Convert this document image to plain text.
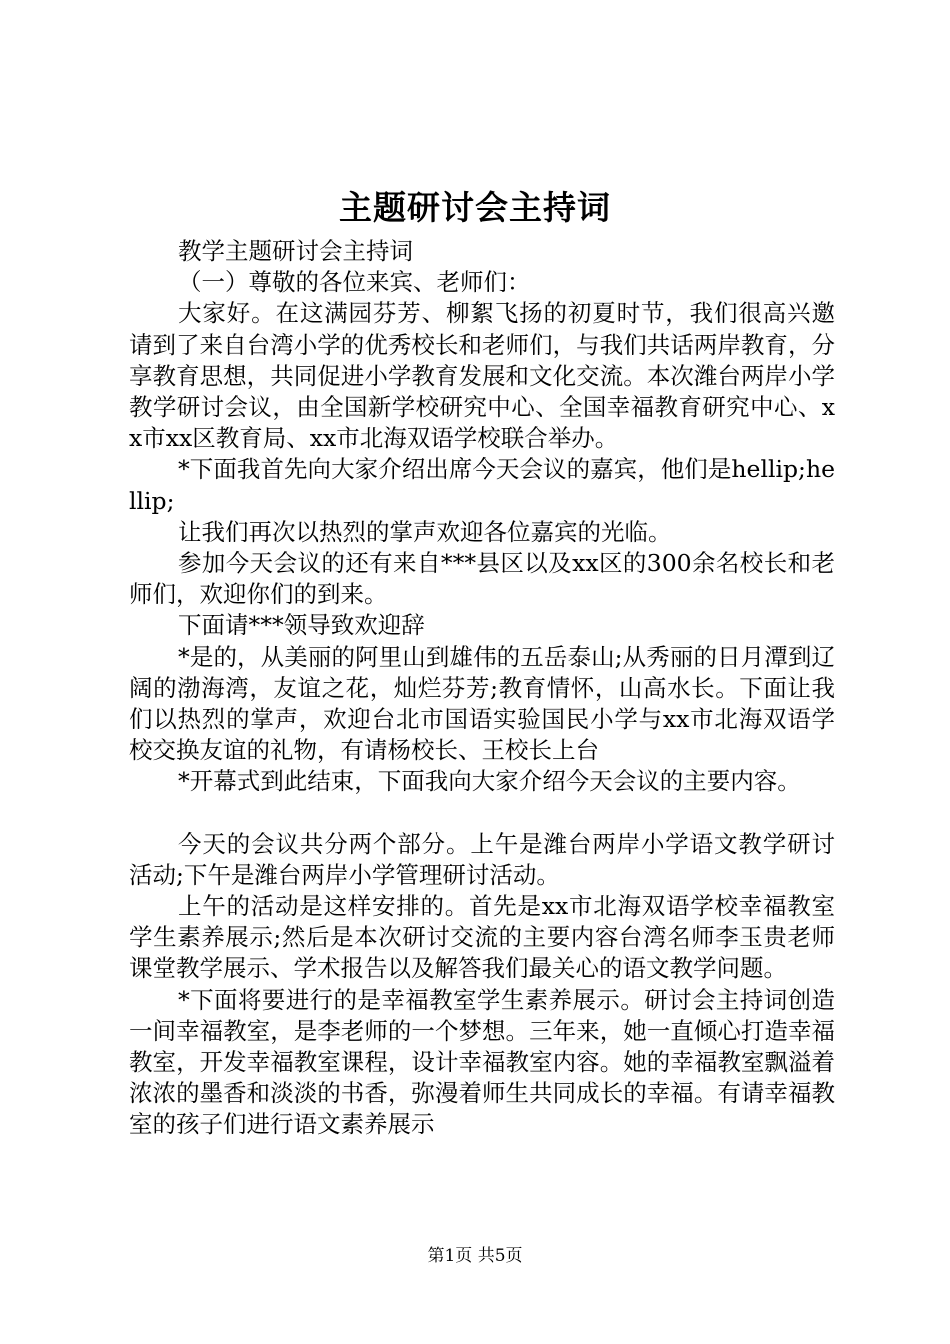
主题研讨会主持词

教学主题研讨会主持词

（一）尊敬的各位来宾、老师们：

大家好。在这满园芬芳、柳絮飞扬的初夏时节，我们很高兴邀请到了来自台湾小学的优秀校长和老师们，与我们共话两岸教育，分享教育思想，共同促进小学教育发展和文化交流。本次潍台两岸小学教学研讨会议，由全国新学校研究中心、全国幸福教育研究中心、xx市xx区教育局、xx市北海双语学校联合举办。

*下面我首先向大家介绍出席今天会议的嘉宾，他们是hellip;hellip;

让我们再次以热烈的掌声欢迎各位嘉宾的光临。

参加今天会议的还有来自***县区以及xx区的300余名校长和老师们，欢迎你们的到来。

下面请***领导致欢迎辞

*是的，从美丽的阿里山到雄伟的五岳泰山;从秀丽的日月潭到辽阔的渤海湾，友谊之花，灿烂芬芳;教育情怀，山高水长。下面让我们以热烈的掌声，欢迎台北市国语实验国民小学与xx市北海双语学校交换友谊的礼物，有请杨校长、王校长上台

*开幕式到此结束，下面我向大家介绍今天会议的主要内容。

今天的会议共分两个部分。上午是潍台两岸小学语文教学研讨活动;下午是潍台两岸小学管理研讨活动。

上午的活动是这样安排的。首先是xx市北海双语学校幸福教室学生素养展示;然后是本次研讨交流的主要内容台湾名师李玉贵老师课堂教学展示、学术报告以及解答我们最关心的语文教学问题。

*下面将要进行的是幸福教室学生素养展示。研讨会主持词创造一间幸福教室，是李老师的一个梦想。三年来，她一直倾心打造幸福教室，开发幸福教室课程，设计幸福教室内容。她的幸福教室飘溢着浓浓的墨香和淡淡的书香，弥漫着师生共同成长的幸福。有请幸福教室的孩子们进行语文素养展示

第1页 共5页
